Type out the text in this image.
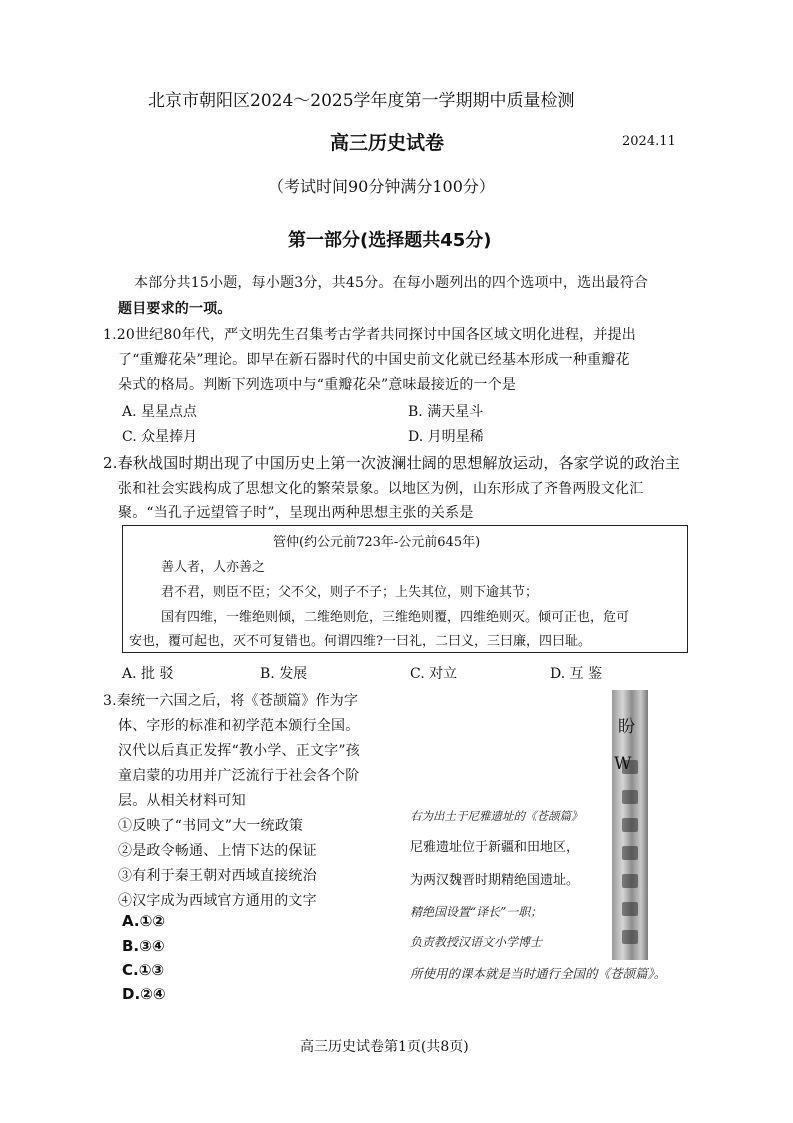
北京市朝阳区2024～2025学年度第一学期期中质量检测
高三历史试卷	2024.11
（考试时间90分钟满分100分）
第一部分(选择题共45分)
本部分共15小题，每小题3分，共45分。在每小题列出的四个选项中，选出最符合
题目要求的一项。
1.20世纪80年代，严文明先生召集考古学者共同探讨中国各区域文明化进程，并提出
了“重瓣花朵”理论。即早在新石器时代的中国史前文化就已经基本形成一种重瓣花
朵式的格局。判断下列选项中与“重瓣花朵”意味最接近的一个是
A. 星星点点	B. 满天星斗
C. 众星捧月	D. 月明星稀
2.春秋战国时期出现了中国历史上第一次波澜壮阔的思想解放运动，各家学说的政治主
张和社会实践构成了思想文化的繁荣景象。以地区为例，山东形成了齐鲁两股文化汇
聚。“当孔子远望管子时”，呈现出两种思想主张的关系是
管仲(约公元前723年-公元前645年)
善人者，人亦善之
君不君，则臣不臣；父不父，则子不子；上失其位，则下逾其节；
国有四维，一维绝则倾，二维绝则危，三维绝则覆，四维绝则灭。倾可正也，危可
安也，覆可起也，灭不可复错也。何谓四维?一曰礼，二曰义，三曰廉，四曰耻。
A. 批 驳	B. 发展	C. 对立	D. 互 鉴
3.秦统一六国之后，将《苍颉篇》作为字
体、字形的标准和初学范本颁行全国。
汉代以后真正发挥“教小学、正文字”孩
童启蒙的功用并广泛流行于社会各个阶
层。从相关材料可知
①反映了“书同文”大一统政策
②是政令畅通、上情下达的保证
③有利于秦王朝对西域直接统治
④汉字成为西域官方通用的文字
A.①②
B.③④
C.①③
D.②④
盼
W
右为出土于尼雅遗址的《苍颉篇》
尼雅遗址位于新疆和田地区，
为两汉魏晋时期精绝国遗址。
精绝国设置“译长”一职；
负责教授汉语文小学博士
所使用的课本就是当时通行全国的《苍颉篇》。
高三历史试卷第1页(共8页)
